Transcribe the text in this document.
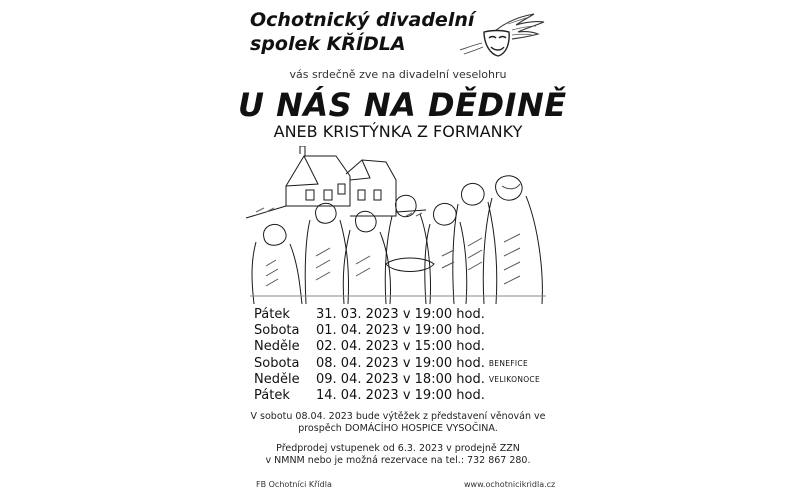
Ochotnický divadelní
spolek KŘÍDLA
vás srdečně zve na divadelní veselohru
U NÁS NA DĚDINĚ
ANEB KRISTÝNKA Z FORMANKY
Pátek 31. 03. 2023 v 19:00 hod.
Sobota 01. 04. 2023 v 19:00 hod.
Neděle 02. 04. 2023 v 15:00 hod.
Sobota 08. 04. 2023 v 19:00 hod. BENEFICE
Neděle 09. 04. 2023 v 18:00 hod. VELIKONOCE
Pátek 14. 04. 2023 v 19:00 hod.
V sobotu 08.04. 2023 bude výtěžek z představení věnován ve
prospěch DOMÁCÍHO HOSPICE VYSOČINA.
Předprodej vstupenek od 6.3. 2023 v prodejně ZZN
v NMNM nebo je možná rezervace na tel.: 732 867 280.
FB Ochotníci Křídla	www.ochotnicikridla.cz
